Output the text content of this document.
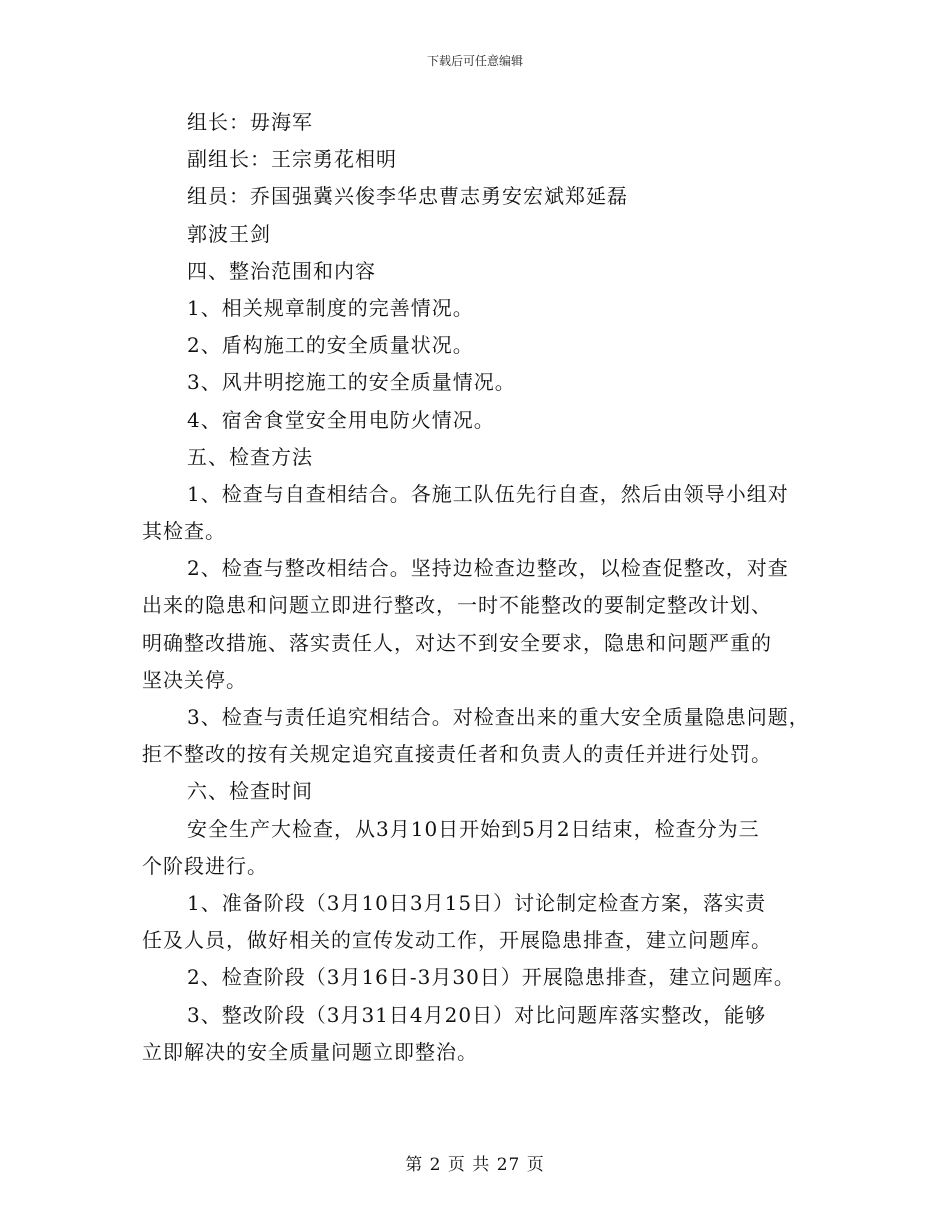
下载后可任意编辑
组长：毋海军
副组长：王宗勇花相明
组员：乔国强冀兴俊李华忠曹志勇安宏斌郑延磊
郭波王剑
四、整治范围和内容
1、相关规章制度的完善情况。
2、盾构施工的安全质量状况。
3、风井明挖施工的安全质量情况。
4、宿舍食堂安全用电防火情况。
五、检查方法
1、检查与自查相结合。各施工队伍先行自查，然后由领导小组对
其检查。
2、检查与整改相结合。坚持边检查边整改，以检查促整改，对查
出来的隐患和问题立即进行整改，一时不能整改的要制定整改计划、
明确整改措施、落实责任人，对达不到安全要求，隐患和问题严重的
坚决关停。
3、检查与责任追究相结合。对检查出来的重大安全质量隐患问题，
拒不整改的按有关规定追究直接责任者和负责人的责任并进行处罚。
六、检查时间
安全生产大检查，从3月10日开始到5月2日结束，检查分为三
个阶段进行。
1、准备阶段（3月10日3月15日）讨论制定检查方案，落实责
任及人员，做好相关的宣传发动工作，开展隐患排查，建立问题库。
2、检查阶段（3月16日-3月30日）开展隐患排查，建立问题库。
3、整改阶段（3月31日4月20日）对比问题库落实整改，能够
立即解决的安全质量问题立即整治。
第 2 页 共 27 页
